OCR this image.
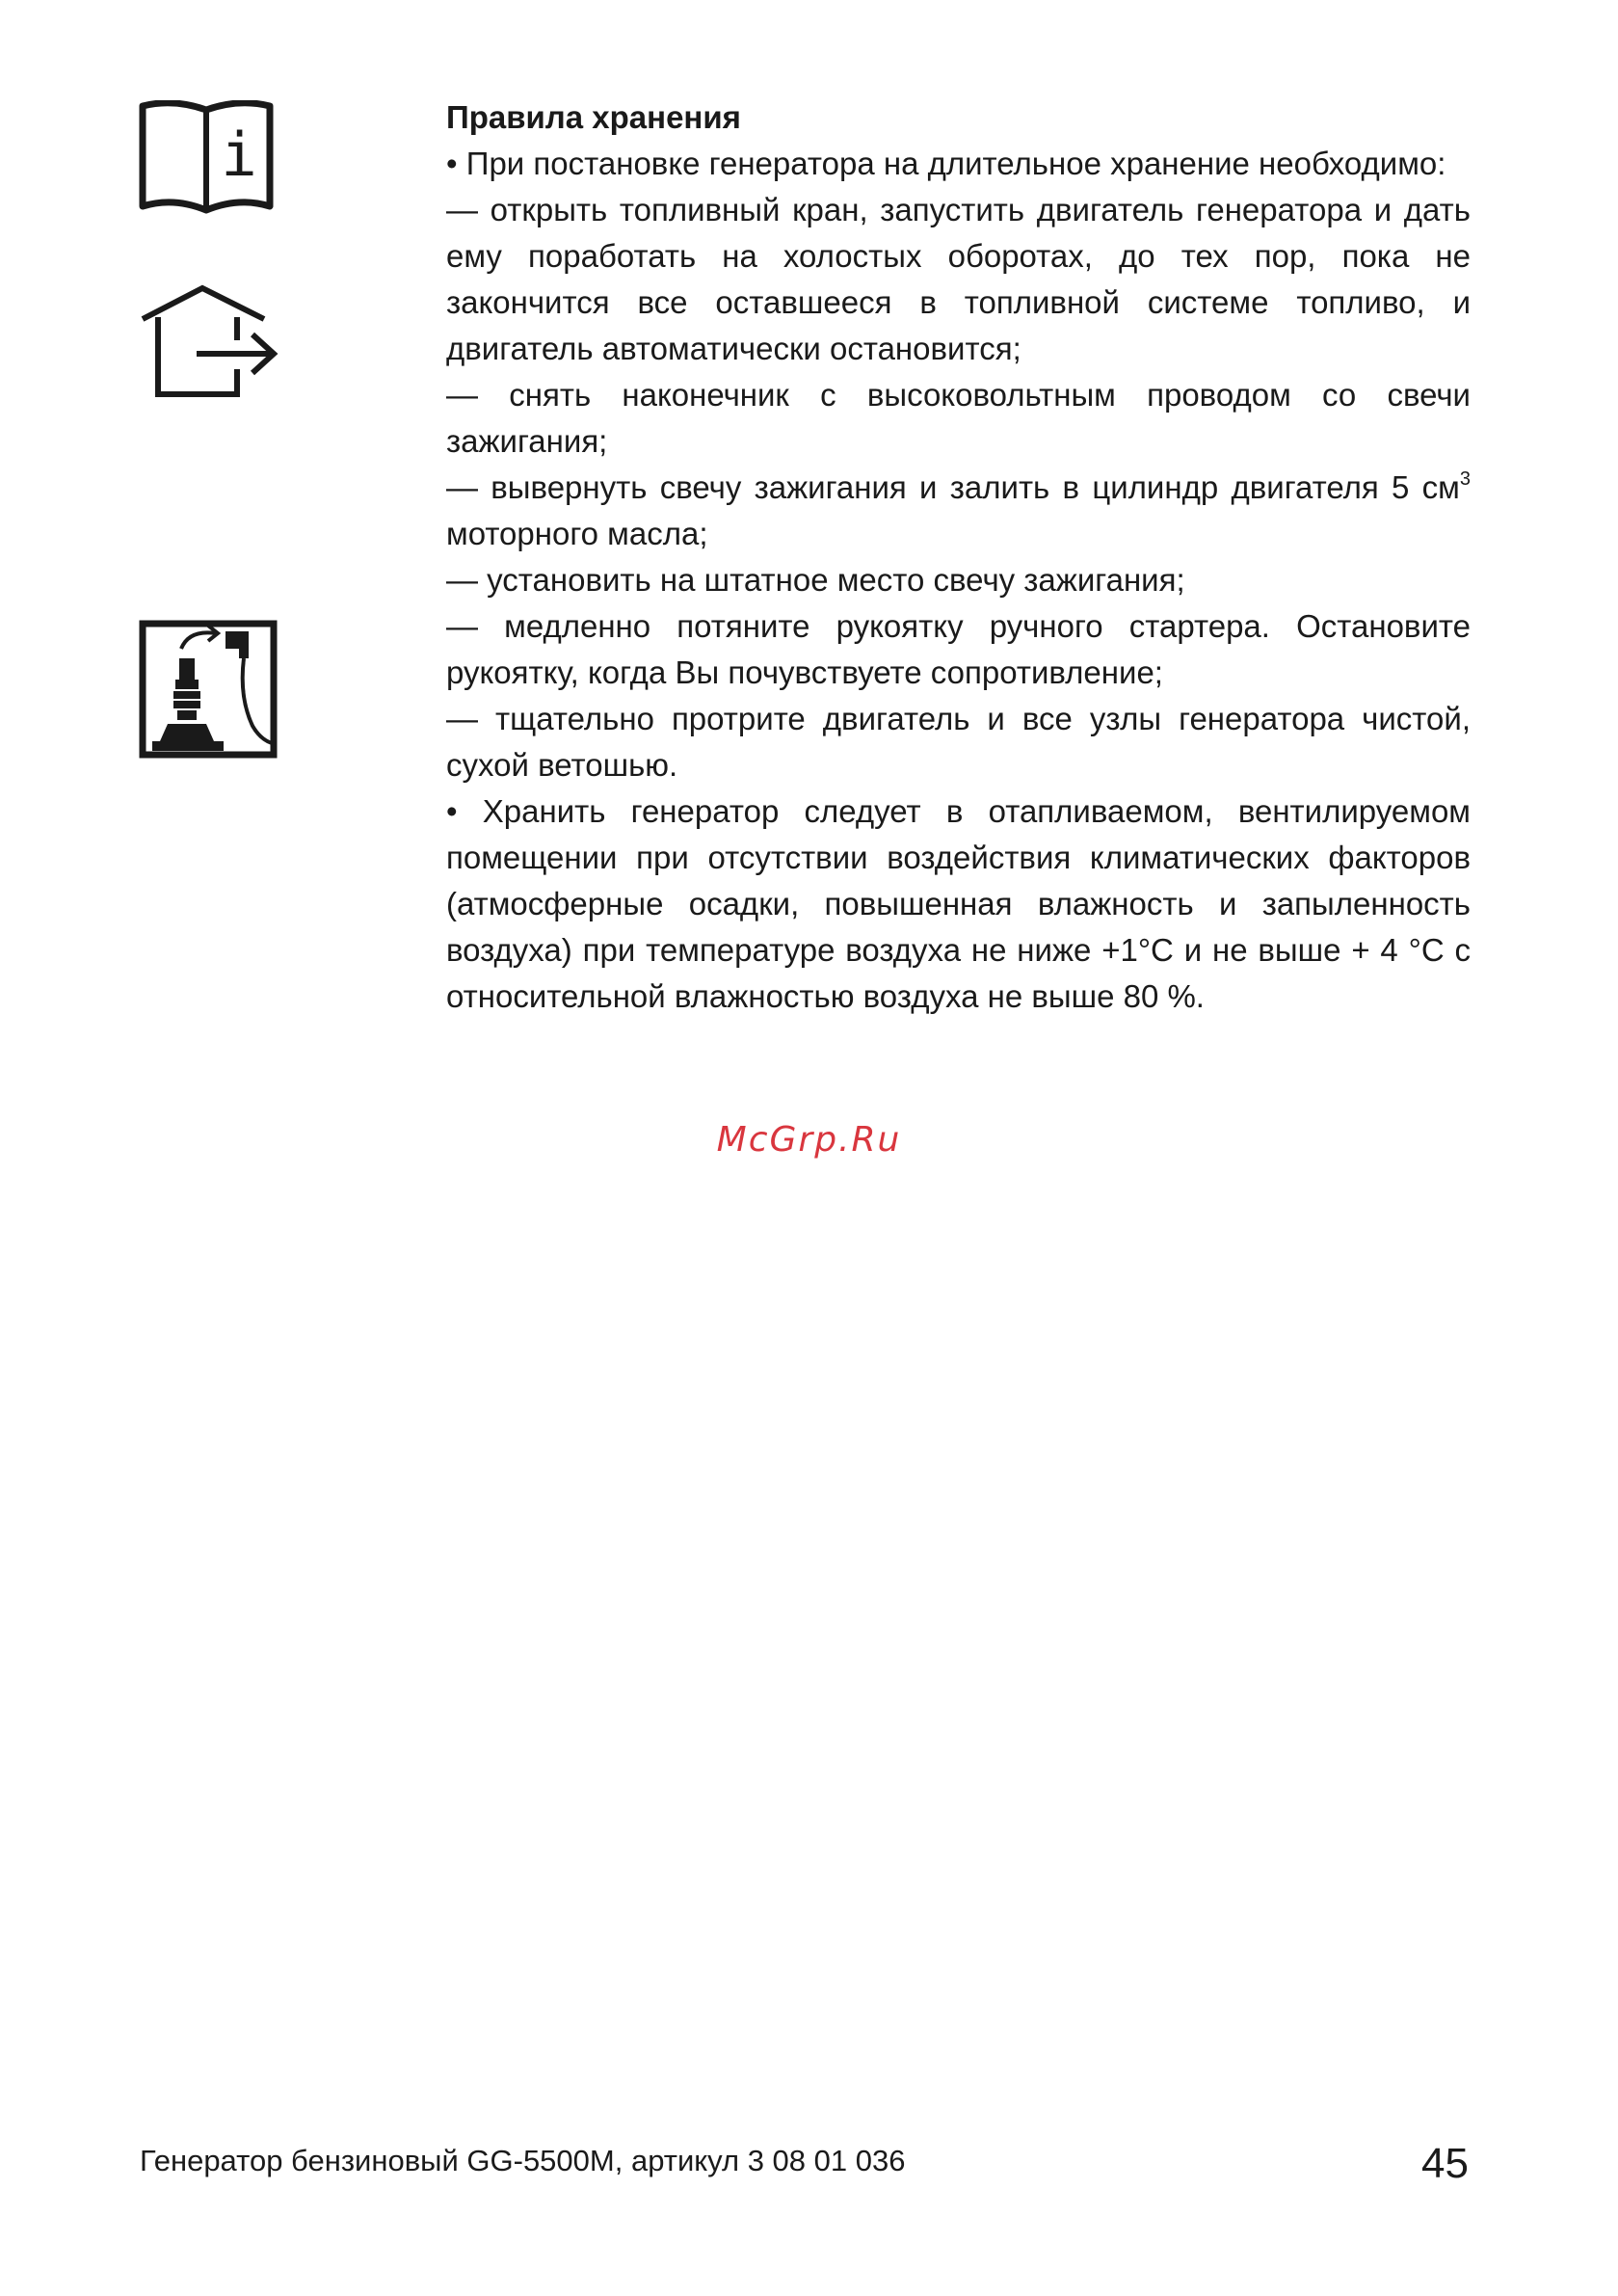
i

Правила хранения

• При постановке генератора на длительное хранение необходимо:

— открыть топливный кран, запустить двигатель генератора и дать ему поработать на холостых оборотах, до тех пор, пока не закончится все оставшееся в топливной системе топливо, и двигатель автоматически остановится;

— снять наконечник с высоковольтным проводом со свечи зажигания;

— вывернуть свечу зажигания и залить в цилиндр двигателя 5 $см^3$ моторного масла;

— установить на штатное место свечу зажигания;

— медленно потяните рукоятку ручного стартера. Остановите рукоятку, когда Вы почувствуете сопротивление;

— тщательно протрите двигатель и все узлы генератора чистой, сухой ветошью.

• Хранить генератор следует в отапливаемом, вентилируемом помещении при отсутствии воздействия климатических факторов (атмосферные осадки, повышенная влажность и запыленность воздуха) при температуре воздуха не ниже +1°С и не выше + 4 °С с относительной влажностью воздуха не выше 80 %.

McGrp.Ru
Генератор бензиновый GG-5500M, артикул 3 08 01 036	45
